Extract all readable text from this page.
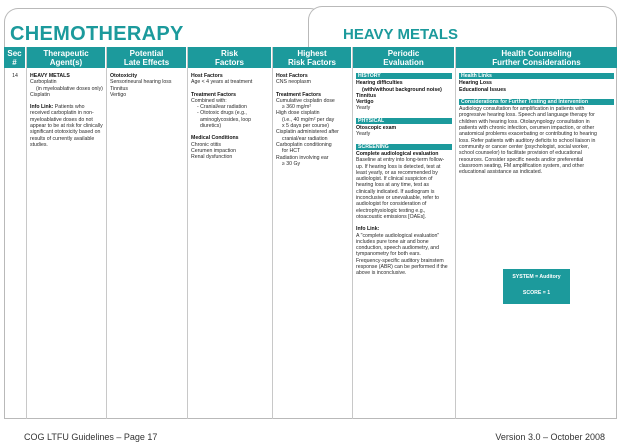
CHEMOTHERAPY	HEAVY METALS
Sec
#
14
Therapeutic
Agent(s)
HEAVY METALS
Carboplatin
(in myeloablative doses only)
Cisplatin
Info Link: Patients who
received carboplatin in non-
myeloablative doses do not
appear to be at risk for clinically
significant ototoxicity based on
results of currently available
studies.
Potential
Late Effects
Ototoxicity
Sensorineural hearing loss
Tinnitus
Vertigo
Risk
Factors
Host Factors
Age < 4 years at treatment
Treatment Factors
Combined with:
- Cranial/ear radiation
- Ototoxic drugs (e.g.,
aminoglycosides, loop
diuretics)
Medical Conditions
Chronic otitis
Cerumen impaction
Renal dysfunction
Highest
Risk Factors
Host Factors
CNS neoplasm
Treatment Factors
Cumulative cisplatin dose
≥ 360 mg/m²
High dose cisplatin
(i.e., 40 mg/m² per day
x 5 days per course)
Cisplatin administered after
cranial/ear radiation
Carboplatin conditioning
for HCT
Radiation involving ear
≥ 30 Gy
Periodic
Evaluation
HISTORY
Hearing difficulties
(with/without background noise)
Tinnitus
Vertigo
Yearly
PHYSICAL
Otoscopic exam
Yearly
SCREENING
Complete audiological evaluation
Baseline at entry into long-term follow-
up. If hearing loss is detected, test at
least yearly, or as recommended by
audiologist. If clinical suspicion of
hearing loss at any time, test as
clinically indicated. If audiogram is
inconclusive or unevaluable, refer to
audiologist for consideration of
electrophysiologic testing e.g.,
otoacoustic emissions [OAEs].
Info Link:
A "complete audiological evaluation"
includes pure tone air and bone
conduction, speech audiometry, and
tympanometry for both ears.
Frequency-specific auditory brainstem
response (ABR) can be performed if the
above is inconclusive.
Health Counseling
Further Considerations
Health Links
Hearing Loss
Educational Issues
Considerations for Further Testing and Intervention
Audiology consultation for amplification in patients with
progressive hearing loss. Speech and language therapy for
children with hearing loss. Otolaryngology consultation in
patients with chronic infection, cerumen impaction, or other
anatomical problems exacerbating or contributing to hearing
loss. Refer patients with auditory deficits to school liaison in
community or cancer center (psychologist, social worker,
school counselor) to facilitate provision of educational
resources. Consider specific needs and/or preferential
classroom seating, FM amplification system, and other
educational assistance as indicated.
SYSTEM = Auditory
SCORE = 1
COG LTFU Guidelines – Page 17	Version 3.0 – October 2008
